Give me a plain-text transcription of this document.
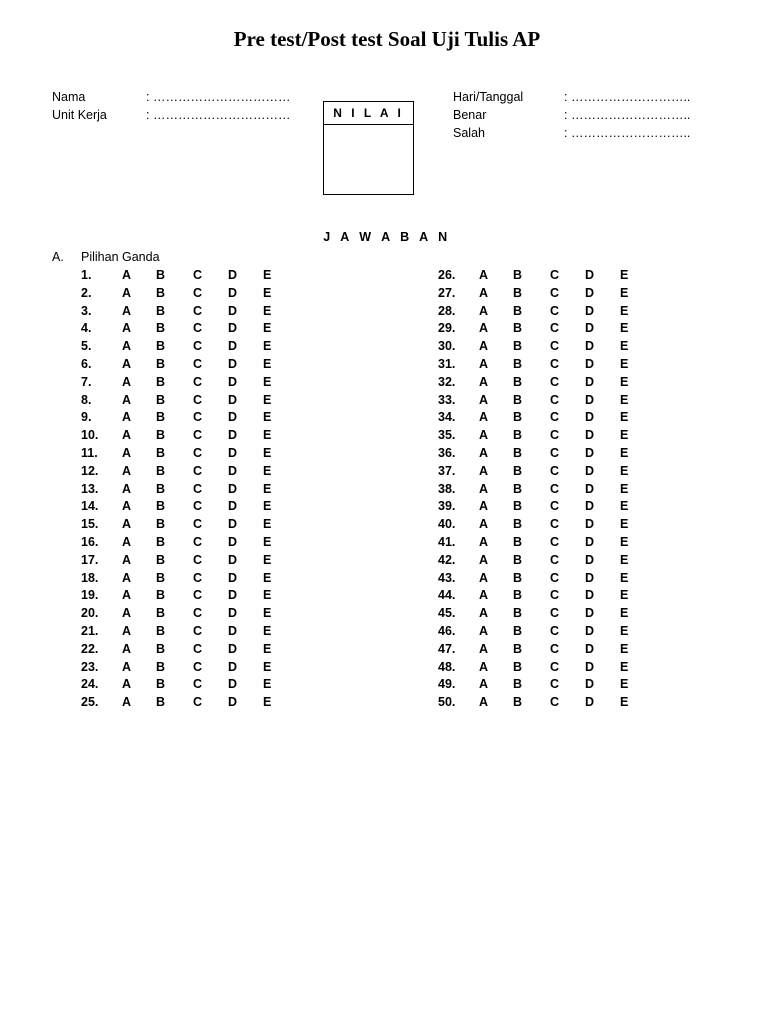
Pre test/Post test Soal Uji Tulis AP
Nama	: ……………………………
Unit Kerja	: ……………………………
Hari/Tanggal	: ………………………..
Benar	: ………………………..
Salah	: ………………………..
N I L A I
J A W A B A N
A. Pilihan Ganda
1. A B C D E
2. A B C D E
3. A B C D E
4. A B C D E
5. A B C D E
6. A B C D E
7. A B C D E
8. A B C D E
9. A B C D E
10. A B C D E
11. A B C D E
12. A B C D E
13. A B C D E
14. A B C D E
15. A B C D E
16. A B C D E
17. A B C D E
18. A B C D E
19. A B C D E
20. A B C D E
21. A B C D E
22. A B C D E
23. A B C D E
24. A B C D E
25. A B C D E
26. A B C D E
27. A B C D E
28. A B C D E
29. A B C D E
30. A B C D E
31. A B C D E
32. A B C D E
33. A B C D E
34. A B C D E
35. A B C D E
36. A B C D E
37. A B C D E
38. A B C D E
39. A B C D E
40. A B C D E
41. A B C D E
42. A B C D E
43. A B C D E
44. A B C D E
45. A B C D E
46. A B C D E
47. A B C D E
48. A B C D E
49. A B C D E
50. A B C D E
